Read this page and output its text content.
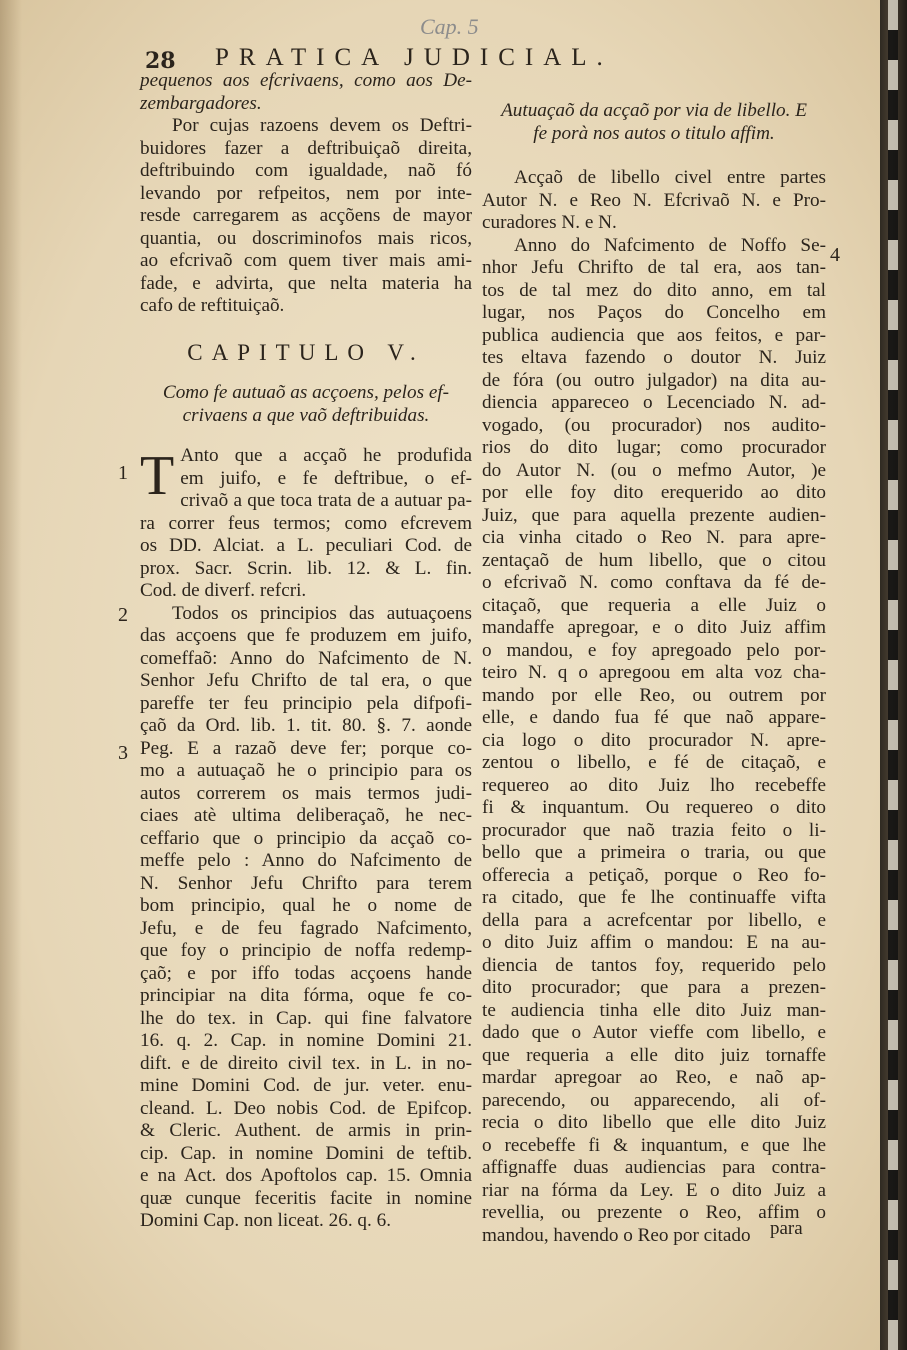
Cap. 5
28 PRATICA JUDICIAL.
pequenos aos efcrivaens, como aos De-
zembargadores.
Por cujas razoens devem os Deftri-
buidores fazer a deftribuiçaõ direita,
deftribuindo com igualdade, naõ fó
levando por refpeitos, nem por inte-
resde carregarem as acçõens de mayor
quantia, ou doscriminofos mais ricos,
ao efcrivaõ com quem tiver mais ami-
fade, e advirta, que nelta materia ha
cafo de reftituiçaõ.
CAPITULO V.
Como fe autuaõ as acçoens, pelos ef-
crivaens a que vaõ deftribuidas.
T Anto que a acçaõ he produfida
em juifo, e fe deftribue, o ef-
crivaõ a que toca trata de a autuar pa-
ra correr feus termos; como efcrevem
os DD. Alciat. a L. peculiari Cod. de
prox. Sacr. Scrin. lib. 12. & L. fin.
Cod. de diverf. refcri.
Todos os principios das autuaçoens
das acçoens que fe produzem em juifo,
comeffaõ: Anno do Nafcimento de N.
Senhor Jefu Chrifto de tal era, o que
pareffe ter feu principio pela difpofi-
çaõ da Ord. lib. 1. tit. 80. §. 7. aonde
Peg. E a razaõ deve fer; porque co-
mo a autuaçaõ he o principio para os
autos correrem os mais termos judi-
ciaes atè ultima deliberaçaõ, he nec-
ceffario que o principio da acçaõ co-
meffe pelo : Anno do Nafcimento de
N. Senhor Jefu Chrifto para terem
bom principio, qual he o nome de
Jefu, e de feu fagrado Nafcimento,
que foy o principio de noffa redemp-
çaõ; e por iffo todas acçoens hande
principiar na dita fórma, oque fe co-
lhe do tex. in Cap. qui fine falvatore
16. q. 2. Cap. in nomine Domini 21.
dift. e de direito civil tex. in L. in no-
mine Domini Cod. de jur. veter. enu-
cleand. L. Deo nobis Cod. de Epifcop.
& Cleric. Authent. de armis in prin-
cip. Cap. in nomine Domini de teftib.
e na Act. dos Apoftolos cap. 15. Omnia
quæ cunque feceritis facite in nomine
Domini Cap. non liceat. 26. q. 6.
Autuaçaõ da acçaõ por via de libello. E
fe porà nos autos o titulo affim.
Acçaõ de libello civel entre partes
Autor N. e Reo N. Efcrivaõ N. e Pro-
curadores N. e N.
Anno do Nafcimento de Noffo Se-
nhor Jefu Chrifto de tal era, aos tan-
tos de tal mez do dito anno, em tal
lugar, nos Paços do Concelho em
publica audiencia que aos feitos, e par-
tes eltava fazendo o doutor N. Juiz
de fóra (ou outro julgador) na dita au-
diencia appareceo o Lecenciado N. ad-
vogado, (ou procurador) nos audito-
rios do dito lugar; como procurador
do Autor N. (ou o mefmo Autor, )e
por elle foy dito erequerido ao dito
Juiz, que para aquella prezente audien-
cia vinha citado o Reo N. para apre-
zentaçaõ de hum libello, que o citou
o efcrivaõ N. como conftava da fé de-
citaçaõ, que requeria a elle Juiz o
mandaffe apregoar, e o dito Juiz affim
o mandou, e foy apregoado pelo por-
teiro N. q o apregoou em alta voz cha-
mando por elle Reo, ou outrem por
elle, e dando fua fé que naõ appare-
cia logo o dito procurador N. apre-
zentou o libello, e fé de citaçaõ, e
requereo ao dito Juiz lho recebeffe
fi & inquantum. Ou requereo o dito
procurador que naõ trazia feito o li-
bello que a primeira o traria, ou que
offerecia a petiçaõ, porque o Reo fo-
ra citado, que fe lhe continuaffe vifta
della para a acrefcentar por libello, e
o dito Juiz affim o mandou: E na au-
diencia de tantos foy, requerido pelo
dito procurador; que para a prezen-
te audiencia tinha elle dito Juiz man-
dado que o Autor vieffe com libello, e
que requeria a elle dito juiz tornaffe
mardar apregoar ao Reo, e naõ ap-
parecendo, ou apparecendo, ali of-
recia o dito libello que elle dito Juiz
o recebeffe fi & inquantum, e que lhe
affignaffe duas audiencias para contra-
riar na fórma da Ley. E o dito Juiz a
revellia, ou prezente o Reo, affim o
mandou, havendo o Reo por citado
1
2
3
4
para
